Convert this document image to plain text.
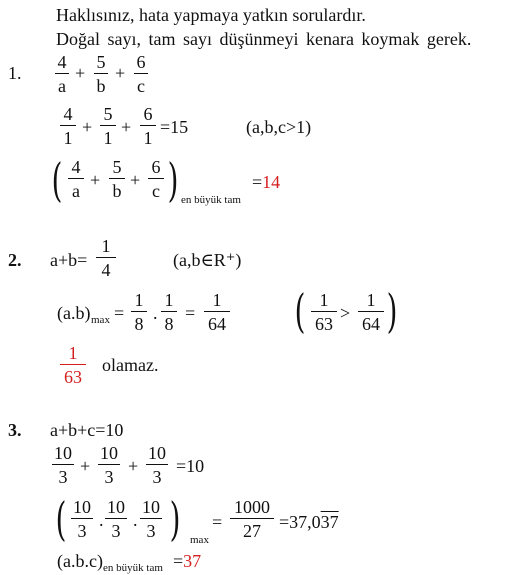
Haklısınız, hata yapmaya yatkın sorulardır.
Doğal sayı, tam sayı düşünmeyi kenara koymak gerek.
1.
4
a
+
5
b
+
6
c
4
1
+
5
1
+
6
1
=15	(a,b,c>1)
( 4
a
+
5
b
+
6
c ) en büyük tam
=14
2. a+b=
1
4	(a,b∈R⁺)
(a.b) max =
1
8
.
1
8
=
1
64 ( 1
63
>
1
64 )
1
63
olamaz.
3. a+b+c=10
10
3
+
10
3
+
10
3
=10
( 10
3
.
10
3
.
10
3 ) max
=
1000
27	=37,037
(a.b.c) en büyük tam =37
